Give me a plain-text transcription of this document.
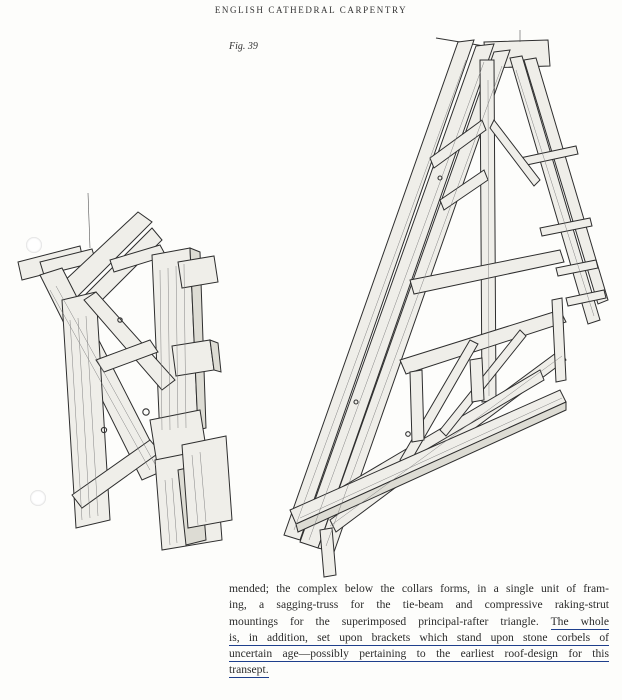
ENGLISH CATHEDRAL CARPENTRY
Fig. 39
mended; the complex below the collars forms, in a single unit of fram-
ing, a sagging-truss for the tie-beam and compressive raking-strut
mountings for the superimposed principal-rafter triangle. The whole
is, in addition, set upon brackets which stand upon stone corbels of
uncertain age—possibly pertaining to the earliest roof-design for this
transept.
